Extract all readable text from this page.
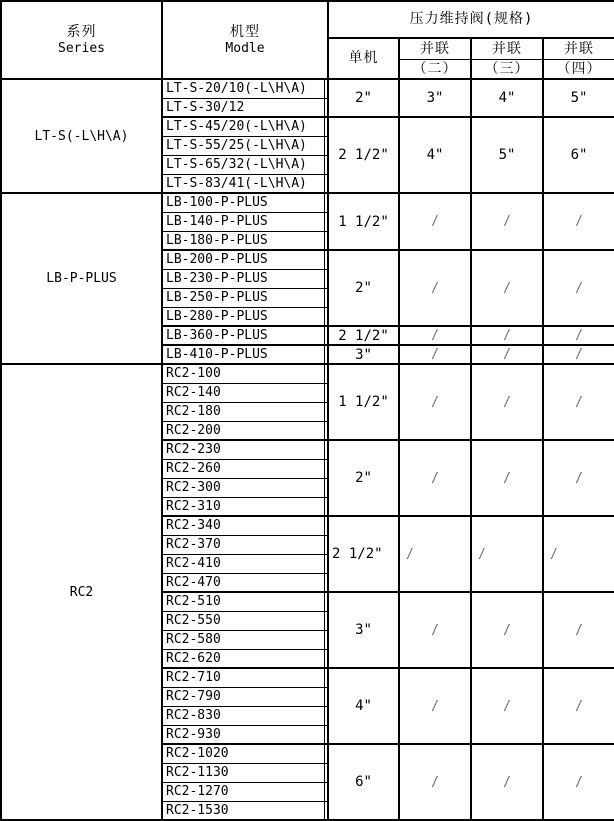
系列
Series

机型
Modle
	压力维持阀(规格)
		单机	并联	并联	并联
			（二）	（三）	（四）
LT-S(-L\H\A)	LT-S-20/10(-L\H\A)	2"	3"	4"	5"
	LT-S-30/12				
	LT-S-45/20(-L\H\A)	2 1/2"	4"	5"	6"
	LT-S-55/25(-L\H\A)				
	LT-S-65/32(-L\H\A)				
	LT-S-83/41(-L\H\A)				
LB-P-PLUS	LB-100-P-PLUS	1 1/2"	/	/	/
	LB-140-P-PLUS				
	LB-180-P-PLUS				
	LB-200-P-PLUS	2"	/	/	/
	LB-230-P-PLUS				
	LB-250-P-PLUS				
	LB-280-P-PLUS				
	LB-360-P-PLUS	2 1/2"	/	/	/
	LB-410-P-PLUS	3"	/	/	/
RC2	RC2-100	1 1/2"	/	/	/
	RC2-140				
	RC2-180				
	RC2-200				
	RC2-230	2"	/	/	/
	RC2-260				
	RC2-300				
	RC2-310				
	RC2-340	2 1/2"	/	/	/
	RC2-370				
	RC2-410				
	RC2-470				
	RC2-510	3"	/	/	/
	RC2-550				
	RC2-580				
	RC2-620				
	RC2-710	4"	/	/	/
	RC2-790				
	RC2-830				
	RC2-930				
	RC2-1020	6"	/	/	/
	RC2-1130				
	RC2-1270				
	RC2-1530				
